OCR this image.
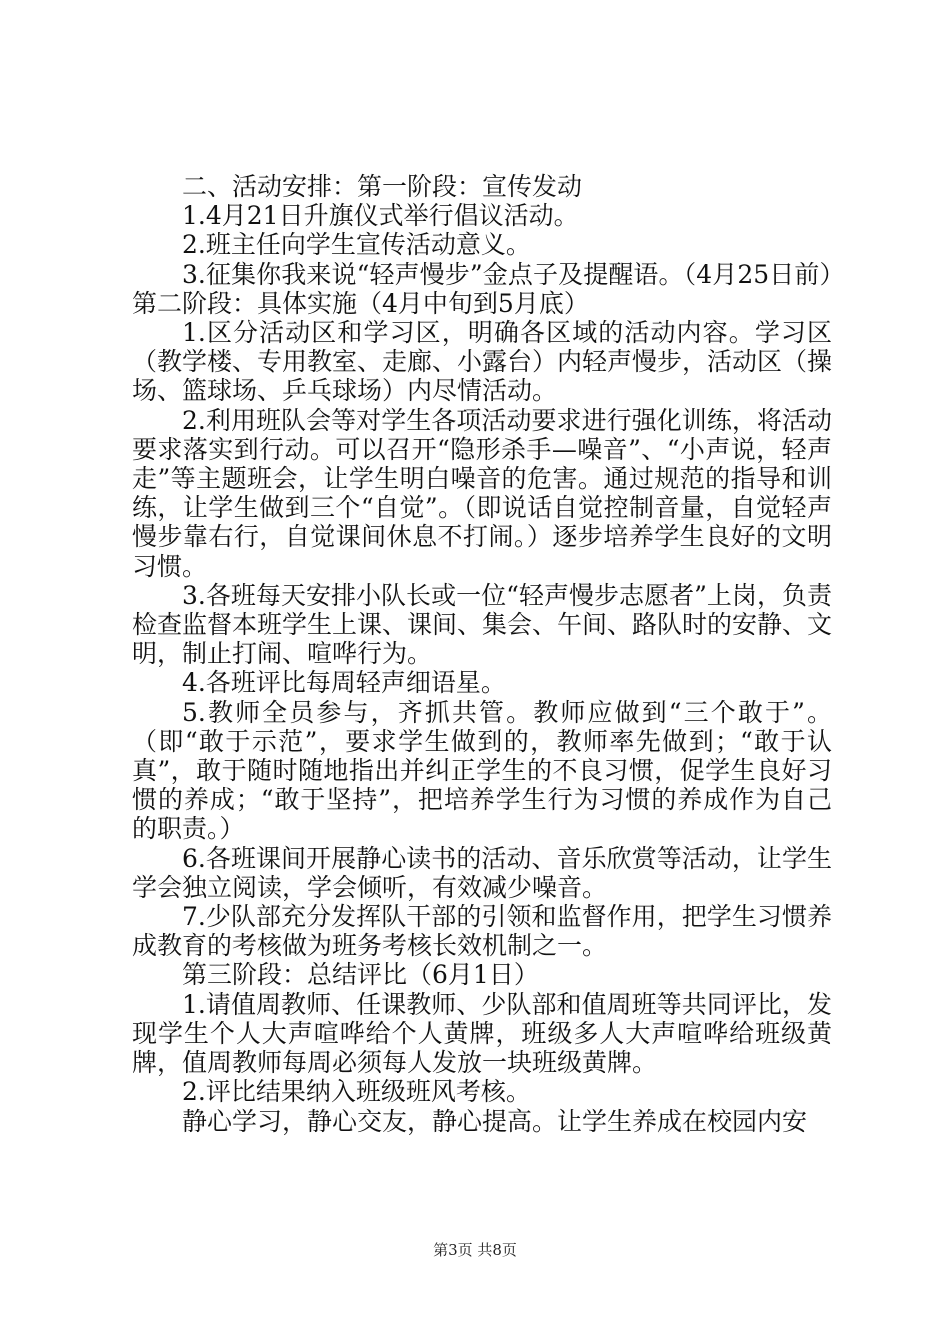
二、活动安排：第一阶段：宣传发动

1.4月21日升旗仪式举行倡议活动。

2.班主任向学生宣传活动意义。

3.征集你我来说“轻声慢步”金点子及提醒语。（4月25日前）第二阶段：具体实施（4月中旬到5月底）

1.区分活动区和学习区，明确各区域的活动内容。学习区（教学楼、专用教室、走廊、小露台）内轻声慢步，活动区（操场、篮球场、乒乓球场）内尽情活动。

2.利用班队会等对学生各项活动要求进行强化训练，将活动要求落实到行动。可以召开“隐形杀手—噪音”、“小声说，轻声走”等主题班会，让学生明白噪音的危害。通过规范的指导和训练，让学生做到三个“自觉”。（即说话自觉控制音量，自觉轻声慢步靠右行，自觉课间休息不打闹。）逐步培养学生良好的文明习惯。

3.各班每天安排小队长或一位“轻声慢步志愿者”上岗，负责检查监督本班学生上课、课间、集会、午间、路队时的安静、文明，制止打闹、喧哗行为。

4.各班评比每周轻声细语星。

5.教师全员参与，齐抓共管。教师应做到“三个敢于”。（即“敢于示范”，要求学生做到的，教师率先做到；“敢于认真”，敢于随时随地指出并纠正学生的不良习惯，促学生良好习惯的养成；“敢于坚持”，把培养学生行为习惯的养成作为自己的职责。）

6.各班课间开展静心读书的活动、音乐欣赏等活动，让学生学会独立阅读，学会倾听，有效减少噪音。

7.少队部充分发挥队干部的引领和监督作用，把学生习惯养成教育的考核做为班务考核长效机制之一。

第三阶段：总结评比（6月1日）

1.请值周教师、任课教师、少队部和值周班等共同评比，发现学生个人大声喧哗给个人黄牌，班级多人大声喧哗给班级黄牌，值周教师每周必须每人发放一块班级黄牌。

2.评比结果纳入班级班风考核。

静心学习，静心交友，静心提高。让学生养成在校园内安

第3页 共8页
